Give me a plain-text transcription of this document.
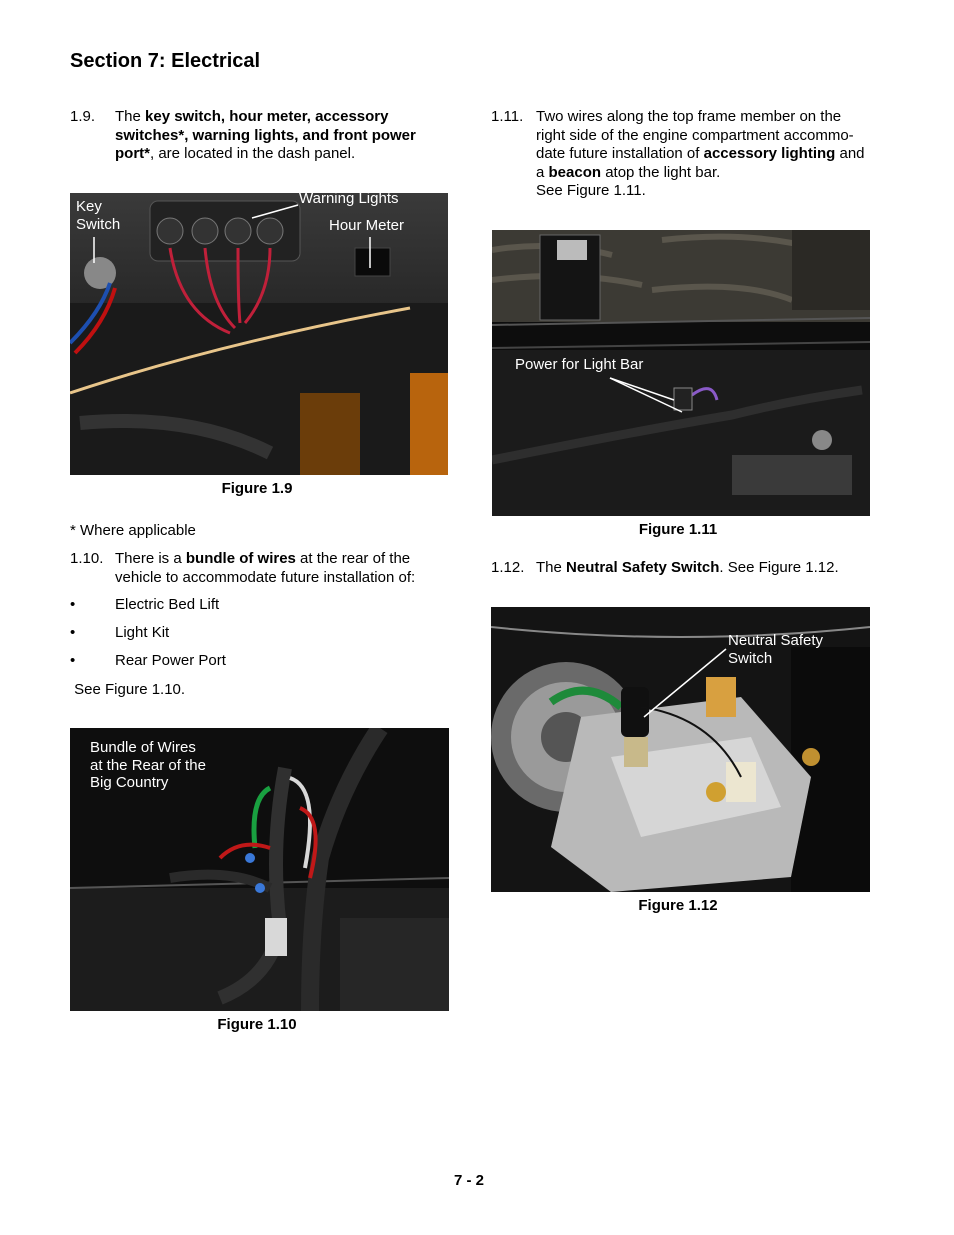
Section 7: Electrical
1.9. The key switch, hour meter, accessory switches*, warning lights, and front power port*, are located in the dash panel.
Key
Switch
Warning Lights
Hour Meter
Figure 1.9
* Where applicable
1.10. There is a bundle of wires at the rear of the vehicle to accommodate future installation of:
•	Electric Bed Lift
•	Light Kit
•	Rear Power Port
See Figure 1.10.
Bundle of Wires
at the Rear of the
Big Country
Figure 1.10
1.11. Two wires along the top frame member on the right side of the engine compartment accommo- date future installation of accessory lighting and a beacon atop the light bar.
See Figure 1.11.
Power for Light Bar
Figure 1.11
1.12. The Neutral Safety Switch. See Figure 1.12.
Neutral Safety
Switch
Figure 1.12
7 - 2
